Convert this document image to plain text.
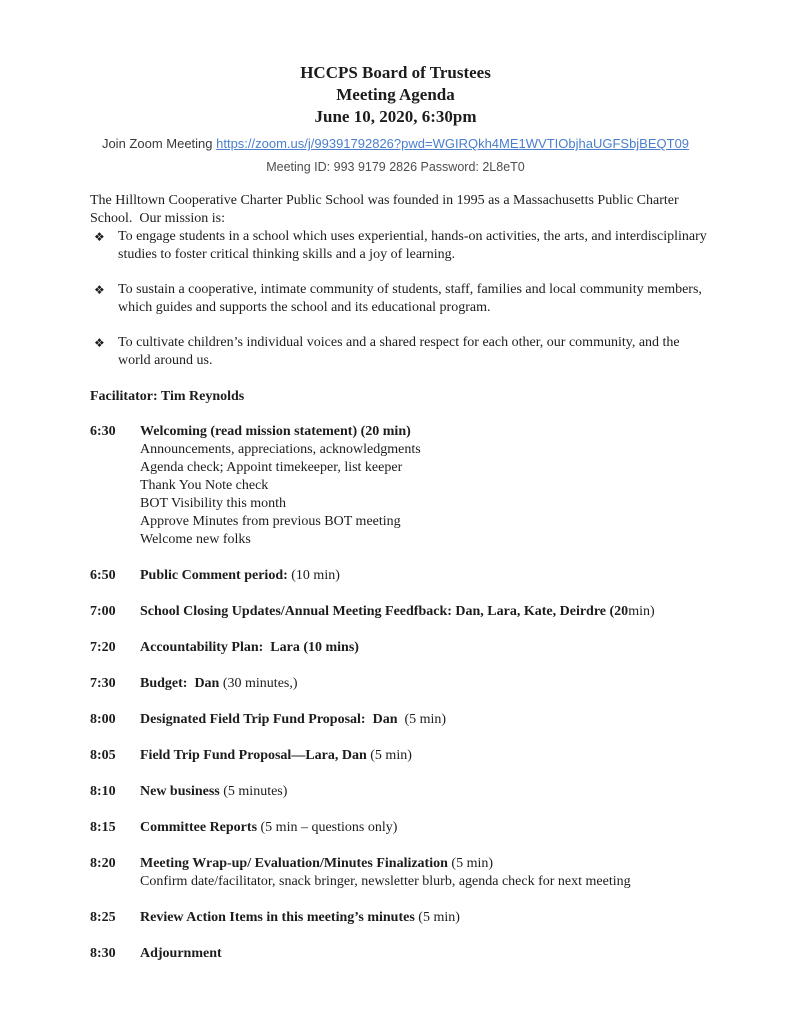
HCCPS Board of Trustees
Meeting Agenda
June 10, 2020, 6:30pm
Join Zoom Meeting https://zoom.us/j/99391792826?pwd=WGIRQkh4ME1WVTIObjhaUGFSbjBEQT09
Meeting ID: 993 9179 2826 Password: 2L8eT0

The Hilltown Cooperative Charter Public School was founded in 1995 as a Massachusetts Public Charter School.  Our mission is:

❖ To engage students in a school which uses experiential, hands-on activities, the arts, and interdisciplinary studies to foster critical thinking skills and a joy of learning.
❖ To sustain a cooperative, intimate community of students, staff, families and local community members, which guides and supports the school and its educational program.
❖ To cultivate children’s individual voices and a shared respect for each other, our community, and the world around us.
Facilitator: Tim Reynolds
6:30	Welcoming (read mission statement) (20 min)
Announcements, appreciations, acknowledgments
Agenda check; Appoint timekeeper, list keeper
Thank You Note check
BOT Visibility this month
Approve Minutes from previous BOT meeting
Welcome new folks
6:50	Public Comment period: (10 min)
7:00	School Closing Updates/Annual Meeting Feedfback: Dan, Lara, Kate, Deirdre (20min)
7:20	Accountability Plan:  Lara (10 mins)
7:30	Budget:  Dan (30 minutes,)
8:00	Designated Field Trip Fund Proposal:  Dan  (5 min)
8:05	Field Trip Fund Proposal—Lara, Dan (5 min)
8:10	New business (5 minutes)
8:15	Committee Reports (5 min – questions only)
8:20	Meeting Wrap-up/ Evaluation/Minutes Finalization (5 min)
Confirm date/facilitator, snack bringer, newsletter blurb, agenda check for next meeting
8:25	Review Action Items in this meeting’s minutes (5 min)
8:30	Adjournment
